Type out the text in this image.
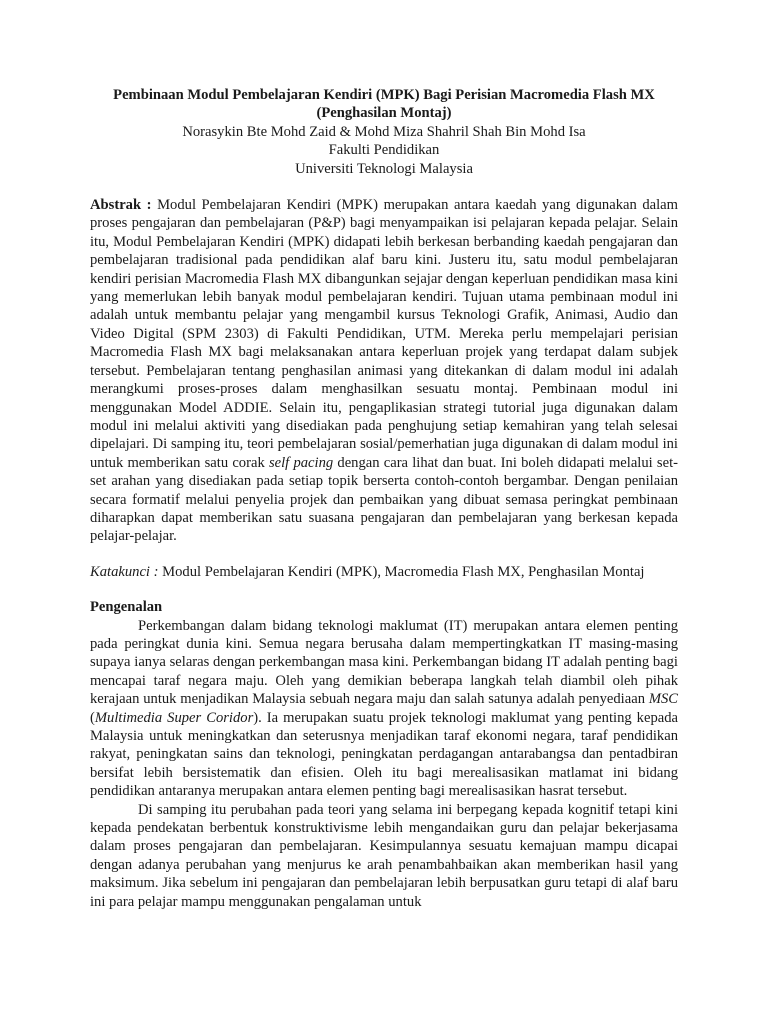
Pembinaan Modul Pembelajaran Kendiri (MPK) Bagi Perisian Macromedia Flash MX
(Penghasilan Montaj)
Norasykin Bte Mohd Zaid & Mohd Miza Shahril Shah Bin Mohd Isa
Fakulti Pendidikan
Universiti Teknologi Malaysia
Abstrak : Modul Pembelajaran Kendiri (MPK) merupakan antara kaedah yang digunakan dalam proses pengajaran dan pembelajaran (P&P) bagi menyampaikan isi pelajaran kepada pelajar. Selain itu, Modul Pembelajaran Kendiri (MPK) didapati lebih berkesan berbanding kaedah pengajaran dan pembelajaran tradisional pada pendidikan alaf baru kini. Justeru itu, satu modul pembelajaran kendiri perisian Macromedia Flash MX dibangunkan sejajar dengan keperluan pendidikan masa kini yang memerlukan lebih banyak modul pembelajaran kendiri. Tujuan utama pembinaan modul ini adalah untuk membantu pelajar yang mengambil kursus Teknologi Grafik, Animasi, Audio dan Video Digital (SPM 2303) di Fakulti Pendidikan, UTM. Mereka perlu mempelajari perisian Macromedia Flash MX bagi melaksanakan antara keperluan projek yang terdapat dalam subjek tersebut. Pembelajaran tentang penghasilan animasi yang ditekankan di dalam modul ini adalah merangkumi proses-proses dalam menghasilkan sesuatu montaj. Pembinaan modul ini menggunakan Model ADDIE. Selain itu, pengaplikasian strategi tutorial juga digunakan dalam modul ini melalui aktiviti yang disediakan pada penghujung setiap kemahiran yang telah selesai dipelajari. Di samping itu, teori pembelajaran sosial/pemerhatian juga digunakan di dalam modul ini untuk memberikan satu corak self pacing dengan cara lihat dan buat. Ini boleh didapati melalui set-set arahan yang disediakan pada setiap topik berserta contoh-contoh bergambar. Dengan penilaian secara formatif melalui penyelia projek dan pembaikan yang dibuat semasa peringkat pembinaan diharapkan dapat memberikan satu suasana pengajaran dan pembelajaran yang berkesan kepada pelajar-pelajar.
Katakunci : Modul Pembelajaran Kendiri (MPK), Macromedia Flash MX, Penghasilan Montaj
Pengenalan
Perkembangan dalam bidang teknologi maklumat (IT) merupakan antara elemen penting pada peringkat dunia kini. Semua negara berusaha dalam mempertingkatkan IT masing-masing supaya ianya selaras dengan perkembangan masa kini. Perkembangan bidang IT adalah penting bagi mencapai taraf negara maju. Oleh yang demikian beberapa langkah telah diambil oleh pihak kerajaan untuk menjadikan Malaysia sebuah negara maju dan salah satunya adalah penyediaan MSC (Multimedia Super Coridor). Ia merupakan suatu projek teknologi maklumat yang penting kepada Malaysia untuk meningkatkan dan seterusnya menjadikan taraf ekonomi negara, taraf pendidikan rakyat, peningkatan sains dan teknologi, peningkatan perdagangan antarabangsa dan pentadbiran bersifat lebih bersistematik dan efisien. Oleh itu bagi merealisasikan matlamat ini bidang pendidikan antaranya merupakan antara elemen penting bagi merealisasikan hasrat tersebut.
Di samping itu perubahan pada teori yang selama ini berpegang kepada kognitif tetapi kini kepada pendekatan berbentuk konstruktivisme lebih mengandaikan guru dan pelajar bekerjasama dalam proses pengajaran dan pembelajaran. Kesimpulannya sesuatu kemajuan mampu dicapai dengan adanya perubahan yang menjurus ke arah penambahbaikan akan memberikan hasil yang maksimum. Jika sebelum ini pengajaran dan pembelajaran lebih berpusatkan guru tetapi di alaf baru ini para pelajar mampu menggunakan pengalaman untuk
